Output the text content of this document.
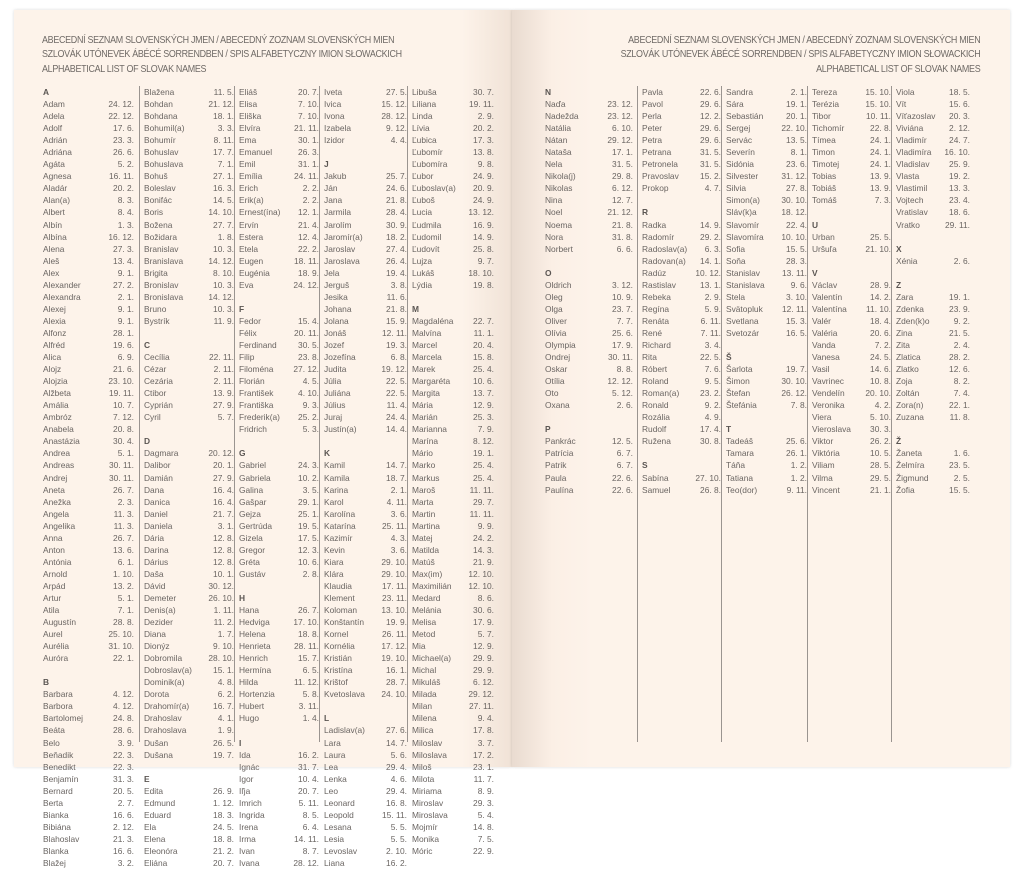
ABECEDNÍ SEZNAM SLOVENSKÝCH JMEN / ABECEDNÝ ZOZNAM SLOVENSKÝCH MIEN
SZLOVÁK UTÓNEVEK ÁBÉCÉ SORRENDBEN / SPIS ALFABETYCZNY IMION SŁOWACKICH
ALPHABETICAL LIST OF SLOVAK NAMES
A
Adam	24. 12.
Adela	22. 12.
Adolf	17. 6.
Adrián	23. 3.
Adriána	26. 6.
Agáta	5. 2.
Agnesa	16. 11.
Aladár	20. 2.
Alan(a)	8. 3.
Albert	8. 4.
Albín	1. 3.
Albína	16. 12.
Alena	27. 3.
Aleš	13. 4.
Alex	9. 1.
Alexander	27. 2.
Alexandra	2. 1.
Alexej	9. 1.
Alexia	9. 1.
Alfonz	28. 1.
Alfréd	19. 6.
Alica	6. 9.
Alojz	21. 6.
Alojzia	23. 10.
Alžbeta	19. 11.
Amália	10. 7.
Ambróz	7. 12.
Anabela	20. 8.
Anastázia	30. 4.
Andrea	5. 1.
Andreas	30. 11.
Andrej	30. 11.
Aneta	26. 7.
Anežka	2. 3.
Angela	11. 3.
Angelika	11. 3.
Anna	26. 7.
Anton	13. 6.
Antónia	6. 1.
Arnold	1. 10.
Arpád	13. 2.
Artur	5. 1.
Atila	7. 1.
Augustín	28. 8.
Aurel	25. 10.
Aurélia	31. 10.
Auróra	22. 1.
B
Barbara	4. 12.
Barbora	4. 12.
Bartolomej	24. 8.
Beáta	28. 6.
Belo	3. 9.
Beňadik	22. 3.
Benedikt	22. 3.
Benjamín	31. 3.
Bernard	20. 5.
Berta	2. 7.
Bianka	16. 6.
Bibiána	2. 12.
Blahoslav	21. 3.
Blanka	16. 6.
Blažej	3. 2.
Blažena	11. 5.
Bohdan	21. 12.
Bohdana	18. 1.
Bohumil(a)	3. 3.
Bohumír	8. 11.
Bohuslav	17. 7.
Bohuslava	7. 1.
Bohuš	27. 1.
Boleslav	16. 3.
Bonifác	14. 5.
Boris	14. 10.
Božena	27. 7.
Božidara	1. 8.
Branislav	10. 3.
Branislava	14. 12.
Brigita	8. 10.
Bronislav	10. 3.
Bronislava	14. 12.
Bruno	10. 3.
Bystrík	11. 9.
C
Cecília	22. 11.
Cézar	2. 11.
Cezária	2. 11.
Ctibor	13. 9.
Cyprián	27. 9.
Cyril	5. 7.
D
Dagmara	20. 12.
Dalibor	20. 1.
Damián	27. 9.
Dana	16. 4.
Danica	16. 4.
Daniel	21. 7.
Daniela	3. 1.
Dária	12. 8.
Darina	12. 8.
Dárius	12. 8.
Daša	10. 1.
Dávid	30. 12.
Demeter	26. 10.
Denis(a)	1. 11.
Dezider	11. 2.
Diana	1. 7.
Dionýz	9. 10.
Dobromila	28. 10.
Dobroslav(a)	15. 1.
Dominik(a)	4. 8.
Dorota	6. 2.
Drahomír(a)	16. 7.
Drahoslav	4. 1.
Drahoslava	1. 9.
Dušan	26. 5.
Dušana	19. 7.
E
Edita	26. 9.
Edmund	1. 12.
Eduard	18. 3.
Ela	24. 5.
Elena	18. 8.
Eleonóra	21. 2.
Eliána	20. 7.
Eliáš	20. 7.
Elisa	7. 10.
Eliška	7. 10.
Elvíra	21. 11.
Ema	30. 1.
Emanuel	26. 3.
Emil	31. 1.
Emília	24. 11.
Erich	2. 2.
Erik(a)	2. 2.
Ernest(ína) 12. 1.
Ervín	21. 4.
Estera	12. 4.
Etela	22. 2.
Eugen	18. 11.
Eugénia	18. 9.
Eva	24. 12.
F
Fedor	15. 4.
Félix	20. 11.
Ferdinand	30. 5.
Filip	23. 8.
Filoména 27. 12.
Florián	4. 5.
František	4. 10.
Františka	9. 3.
Frederik(a) 25. 2.
Fridrich	5. 3.
G
Gabriel	24. 3.
Gabriela	10. 2.
Galina	3. 5.
Gašpar	29. 1.
Gejza	25. 1.
Gertrúda	19. 5.
Gizela	17. 5.
Gregor	12. 3.
Gréta	10. 6.
Gustáv	2. 8.
H
Hana	26. 7.
Hedviga	17. 10.
Helena	18. 8.
Henrieta	28. 11.
Henrich	15. 7.
Hermína	6. 5.
Hilda	11. 12.
Hortenzia	5. 8.
Hubert	3. 11.
Hugo	1. 4.
I
Ida	16. 2.
Ignác	31. 7.
Igor	10. 4.
Iľja	20. 7.
Imrich	5. 11.
Ingrida	8. 5.
Irena	6. 4.
Irma	14. 11.
Ivan	8. 7.
Ivana	28. 12.
Iveta	27. 5.
Ivica	15. 12.
Ivona	28. 12.
Izabela	9. 12.
Izidor	4. 4.
J
Jakub	25. 7.
Ján	24. 6.
Jana	21. 8.
Jarmila	28. 4.
Jarolím	30. 9.
Jaromír(a)	18. 2.
Jaroslav	27. 4.
Jaroslava	26. 4.
Jela	19. 4.
Jerguš	3. 8.
Jesika	11. 6.
Johana	21. 8.
Jolana	15. 9.
Jonáš	12. 11.
Jozef	19. 3.
Jozefína	6. 8.
Judita	19. 12.
Júlia	22. 5.
Juliána	22. 5.
Július	11. 4.
Juraj	24. 4.
Justín(a)	14. 4.
K
Kamil	14. 7.
Kamila	18. 7.
Karina	2. 1.
Karol	4. 11.
Karolína	3. 6.
Katarína	25. 11.
Kazimír	4. 3.
Kevin	3. 6.
Kiara	29. 10.
Klára	29. 10.
Klaudia	17. 11.
Klement	23. 11.
Koloman	13. 10.
Konštantín	19. 9.
Kornel	26. 11.
Kornélia	17. 12.
Kristián	19. 10.
Kristína	16. 1.
Krištof	28. 7.
Kvetoslava 24. 10.
L
Ladislav(a)	27. 6.
Lara	14. 7.
Laura	5. 6.
Lea	29. 4.
Lenka	4. 6.
Leo	29. 4.
Leonard	16. 8.
Leopold	15. 11.
Lesana	5. 5.
Lesia	5. 5.
Levoslav	2. 10.
Liana	16. 2.
Libuša	30. 7.
Liliana	19. 11.
Linda	2. 9.
Lívia	20. 2.
Ľubica	17. 3.
Ľubomír	13. 8.
Ľubomíra	9. 8.
Ľubor	24. 9.
Ľuboslav(a) 20. 9.
Ľuboš	24. 9.
Lucia	13. 12.
Ľudmila	16. 9.
Ľudomil	14. 9.
Ľudovít	25. 8.
Lujza	9. 7.
Lukáš	18. 10.
Lýdia	19. 8.
M
Magdaléna 22. 7.
Malvína	11. 1.
Marcel	20. 4.
Marcela	15. 8.
Marek	25. 4.
Margaréta	10. 6.
Margita	13. 7.
Mária	12. 9.
Marián	25. 3.
Marianna	7. 9.
Marína	8. 12.
Mário	19. 1.
Marko	25. 4.
Markus	25. 4.
Maroš	11. 11.
Marta	29. 7.
Martin	11. 11.
Martina	9. 9.
Matej	24. 2.
Matilda	14. 3.
Matúš	21. 9.
Max(im)	12. 10.
Maximilián 12. 10.
Medard	8. 6.
Melánia	30. 6.
Melisa	17. 9.
Metod	5. 7.
Mia	12. 9.
Michael(a)	29. 9.
Michal	29. 9.
Mikuláš	6. 12.
Milada	29. 12.
Milan	27. 11.
Milena	9. 4.
Milica	17. 8.
Miloslav	3. 7.
Miloslava	17. 2.
Miloš	23. 1.
Milota	11. 7.
Miriama	8. 9.
Miroslav	29. 3.
Miroslava	5. 4.
Mojmír	14. 8.
Monika	7. 5.
Móric	22. 9.
ABECEDNÍ SEZNAM SLOVENSKÝCH JMEN / ABECEDNÝ ZOZNAM SLOVENSKÝCH MIEN
SZLOVÁK UTÓNEVEK ÁBÉCÉ SORRENDBEN / SPIS ALFABETYCZNY IMION SŁOWACKICH
ALPHABETICAL LIST OF SLOVAK NAMES
N
Naďa	23. 12.
Nadežda	23. 12.
Natália	6. 10.
Nátan	29. 12.
Nataša	17. 1.
Nela	31. 5.
Nikola(j)	29. 8.
Nikolas	6. 12.
Nina	12. 7.
Noel	21. 12.
Noema	21. 8.
Nora	31. 8.
Norbert	6. 6.
O
Oldrich	3. 12.
Oleg	10. 9.
Olga	23. 7.
Oliver	7. 7.
Olívia	25. 6.
Olympia	17. 9.
Ondrej	30. 11.
Oskar	8. 8.
Otília	12. 12.
Oto	5. 12.
Oxana	2. 6.
P
Pankrác	12. 5.
Patrícia	6. 7.
Patrik	6. 7.
Paula	22. 6.
Paulína	22. 6.
Pavla	22. 6.
Pavol	29. 6.
Perla	12. 2.
Peter	29. 6.
Petra	29. 6.
Petrana	31. 5.
Petronela	31. 5.
Pravoslav	15. 2.
Prokop	4. 7.
R
Radka	14. 9.
Radomír	29. 2.
Radoslav(a) 6. 3.
Radovan(a) 14. 1.
Radúz	10. 12.
Rastislav	13. 1.
Rebeka	2. 9.
Regína	5. 9.
Renáta	6. 11.
René	7. 11.
Richard	3. 4.
Rita	22. 5.
Róbert	7. 6.
Roland	9. 5.
Roman(a) 23. 2.
Ronald	9. 2.
Rozália	4. 9.
Rudolf	17. 4.
Ružena	30. 8.
S
Sabína	27. 10.
Samuel	26. 8.
Sandra	2. 1.
Sára	19. 1.
Sebastián	20. 1.
Sergej	22. 10.
Servác	13. 5.
Severín	8. 1.
Sidónia	23. 6.
Silvester	31. 12.
Silvia	27. 8.
Simon(a)	30. 10.
Sláv(k)a	18. 12.
Slavomír	22. 4.
Slavomíra 10. 10.
Sofia	15. 5.
Soňa	28. 3.
Stanislav	13. 11.
Stanislava	9. 6.
Stela	3. 10.
Svätopluk 12. 11.
Svetlana	15. 3.
Svetozár	16. 5.
Š
Šarlota	19. 7.
Šimon	30. 10.
Štefan	26. 12.
Štefánia	7. 8.
T
Tadeáš	25. 6.
Tamara	26. 1.
Táňa	1. 2.
Tatiana	1. 2.
Teo(dor)	9. 11.
Tereza	15. 10.
Terézia	15. 10.
Tibor	10. 11.
Tichomír	22. 8.
Tímea	24. 1.
Timon	24. 1.
Timotej	24. 1.
Tobias	13. 9.
Tobiáš	13. 9.
Tomáš	7. 3.
U
Urban	25. 5.
Uršuľa	21. 10.
V
Václav	28. 9.
Valentín	14. 2.
Valentína 11. 10.
Valér	18. 4.
Valéria	20. 6.
Vanda	7. 2.
Vanesa	24. 5.
Vasil	14. 6.
Vavrinec	10. 8.
Vendelín 20. 10.
Veronika	4. 2.
Viera	5. 10.
Vieroslava 30. 3.
Viktor	26. 2.
Viktória	10. 5.
Viliam	28. 5.
Vilma	29. 5.
Vincent	21. 1.
Viola	18. 5.
Vít	15. 6.
Víťazoslav 20. 3.
Viviána	2. 12.
Vladimír	24. 7.
Vladimíra 16. 10.
Vladislav 25. 9.
Vlasta	19. 2.
Vlastimil	13. 3.
Vojtech	23. 4.
Vratislav	18. 6.
Vratko	29. 11.
X
Xénia	2. 6.
Z
Zara	19. 1.
Zdenka	23. 9.
Zden(k)o	9. 2.
Zina	21. 5.
Zita	2. 4.
Zlatica	28. 2.
Zlatko	12. 6.
Zoja	8. 2.
Zoltán	7. 4.
Zora(n)	22. 1.
Zuzana	11. 8.
Ž
Žaneta	1. 6.
Želmíra	23. 5.
Žigmund	2. 5.
Žofia	15. 5.
